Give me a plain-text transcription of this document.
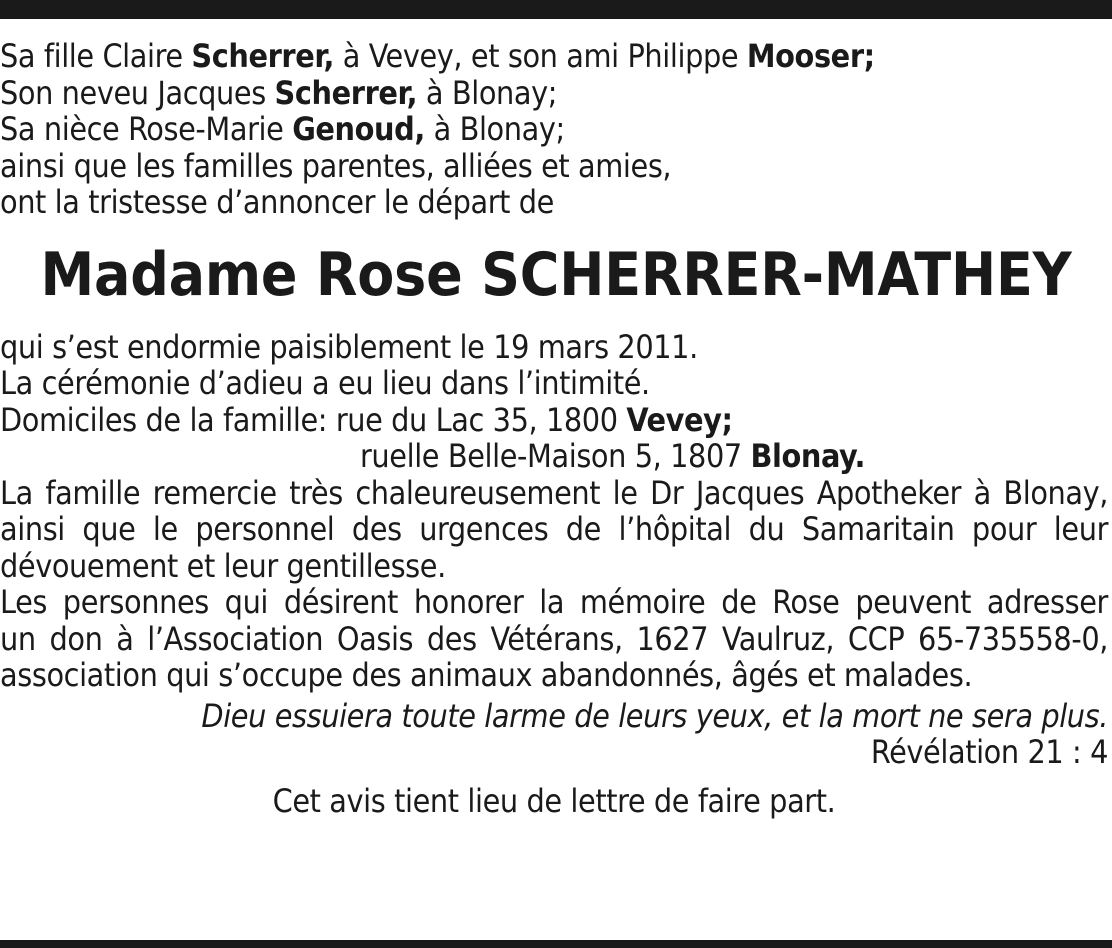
Sa fille Claire Scherrer, à Vevey, et son ami Philippe Mooser;
Son neveu Jacques Scherrer, à Blonay;
Sa nièce Rose-Marie Genoud, à Blonay;
ainsi que les familles parentes, alliées et amies,
ont la tristesse d’annoncer le départ de
Madame Rose SCHERRER-MATHEY
qui s’est endormie paisiblement le 19 mars 2011.
La cérémonie d’adieu a eu lieu dans l’intimité.
Domiciles de la famille: rue du Lac 35, 1800 Vevey;
ruelle Belle-Maison 5, 1807 Blonay.
La famille remercie très chaleureusement le Dr Jacques Apotheker à Blonay,
ainsi que le personnel des urgences de l’hôpital du Samaritain pour leur
dévouement et leur gentillesse.
Les personnes qui désirent honorer la mémoire de Rose peuvent adresser
un don à l’Association Oasis des Vétérans, 1627 Vaulruz, CCP 65-735558-0,
association qui s’occupe des animaux abandonnés, âgés et malades.
Dieu essuiera toute larme de leurs yeux, et la mort ne sera plus.
Révélation 21 : 4
Cet avis tient lieu de lettre de faire part.
